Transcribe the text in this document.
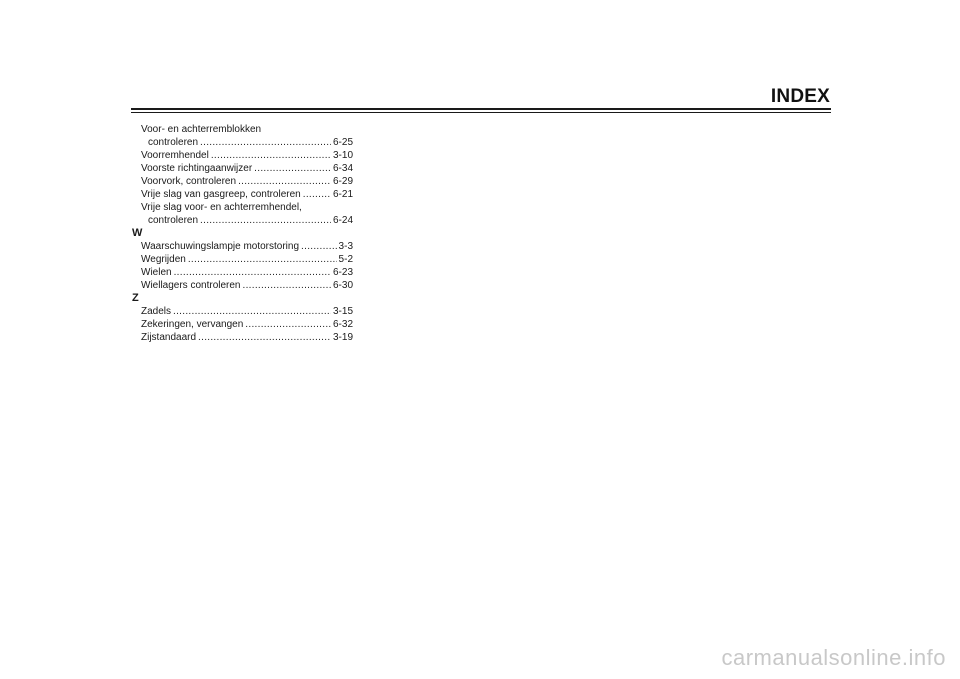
INDEX
Voor- en achterremblokken
controleren .....	6-25
Voorremhendel .....	3-10
Voorste richtingaanwijzer .....	6-34
Voorvork, controleren .....	6-29
Vrije slag van gasgreep, controleren .....	6-21
Vrije slag voor- en achterremhendel,
controleren .....	6-24
W
Waarschuwingslampje motorstoring .....	3-3
Wegrijden .....	5-2
Wielen .....	6-23
Wiellagers controleren .....	6-30
Z
Zadels .....	3-15
Zekeringen, vervangen .....	6-32
Zijstandaard .....	3-19
carmanualsonline.info
